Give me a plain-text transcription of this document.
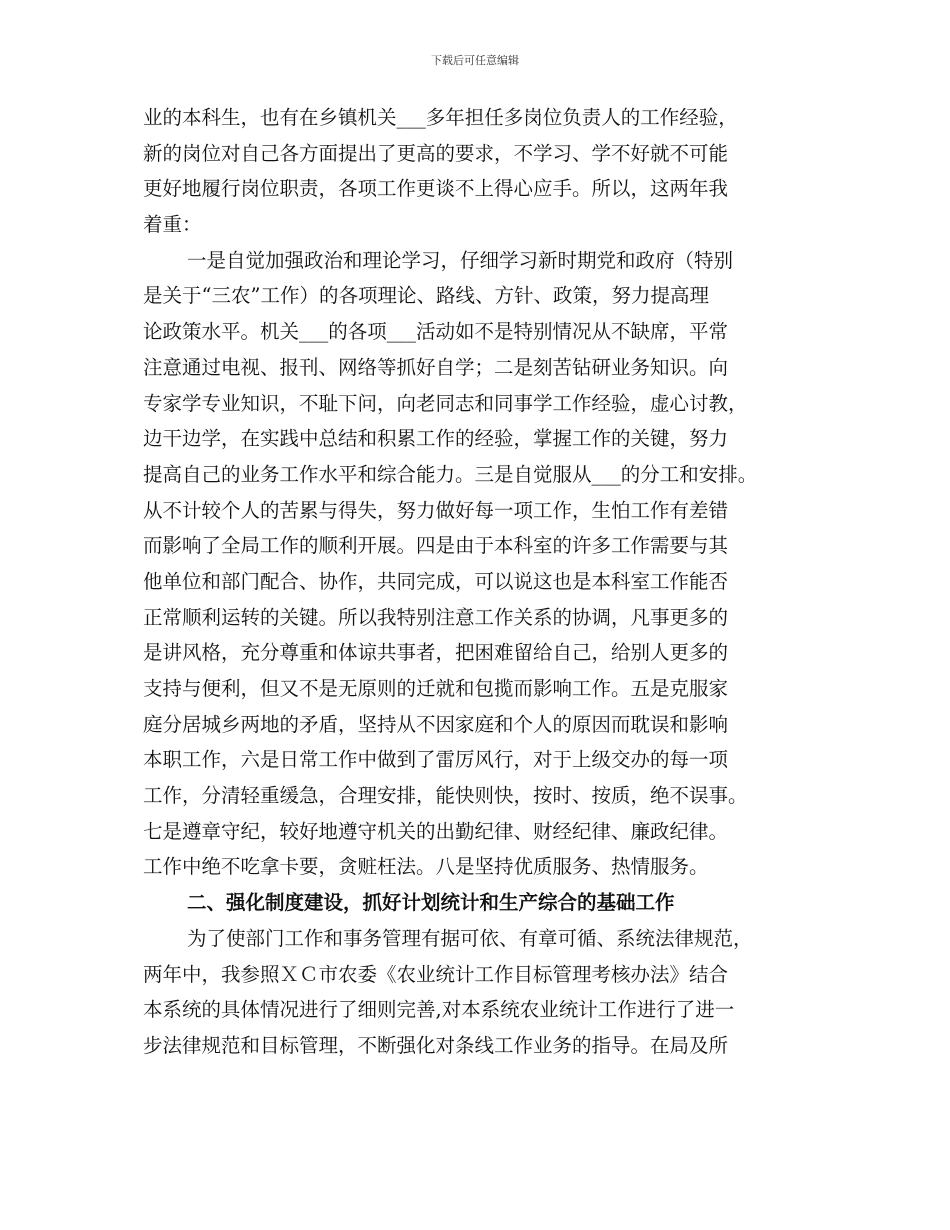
下载后可任意编辑
业的本科生，也有在乡镇机关___多年担任多岗位负责人的工作经验，
新的岗位对自己各方面提出了更高的要求，不学习、学不好就不可能
更好地履行岗位职责，各项工作更谈不上得心应手。所以，这两年我
着重：
一是自觉加强政治和理论学习，仔细学习新时期党和政府（特别
是关于“三农”工作）的各项理论、路线、方针、政策，努力提高理
论政策水平。机关___的各项___活动如不是特别情况从不缺席，平常
注意通过电视、报刊、网络等抓好自学；二是刻苦钻研业务知识。向
专家学专业知识，不耻下问，向老同志和同事学工作经验，虚心讨教，
边干边学，在实践中总结和积累工作的经验，掌握工作的关键，努力
提高自己的业务工作水平和综合能力。三是自觉服从___的分工和安排。
从不计较个人的苦累与得失，努力做好每一项工作，生怕工作有差错
而影响了全局工作的顺利开展。四是由于本科室的许多工作需要与其
他单位和部门配合、协作，共同完成，可以说这也是本科室工作能否
正常顺利运转的关键。所以我特别注意工作关系的协调，凡事更多的
是讲风格，充分尊重和体谅共事者，把困难留给自己，给别人更多的
支持与便利，但又不是无原则的迁就和包揽而影响工作。五是克服家
庭分居城乡两地的矛盾，坚持从不因家庭和个人的原因而耽误和影响
本职工作，六是日常工作中做到了雷厉风行，对于上级交办的每一项
工作，分清轻重缓急，合理安排，能快则快，按时、按质，绝不误事。
七是遵章守纪，较好地遵守机关的出勤纪律、财经纪律、廉政纪律。
工作中绝不吃拿卡要，贪赃枉法。八是坚持优质服务、热情服务。
二、强化制度建设，抓好计划统计和生产综合的基础工作
为了使部门工作和事务管理有据可依、有章可循、系统法律规范，
两年中，我参照ＸＣ市农委《农业统计工作目标管理考核办法》结合
本系统的具体情况进行了细则完善,对本系统农业统计工作进行了进一
步法律规范和目标管理，不断强化对条线工作业务的指导。在局及所
